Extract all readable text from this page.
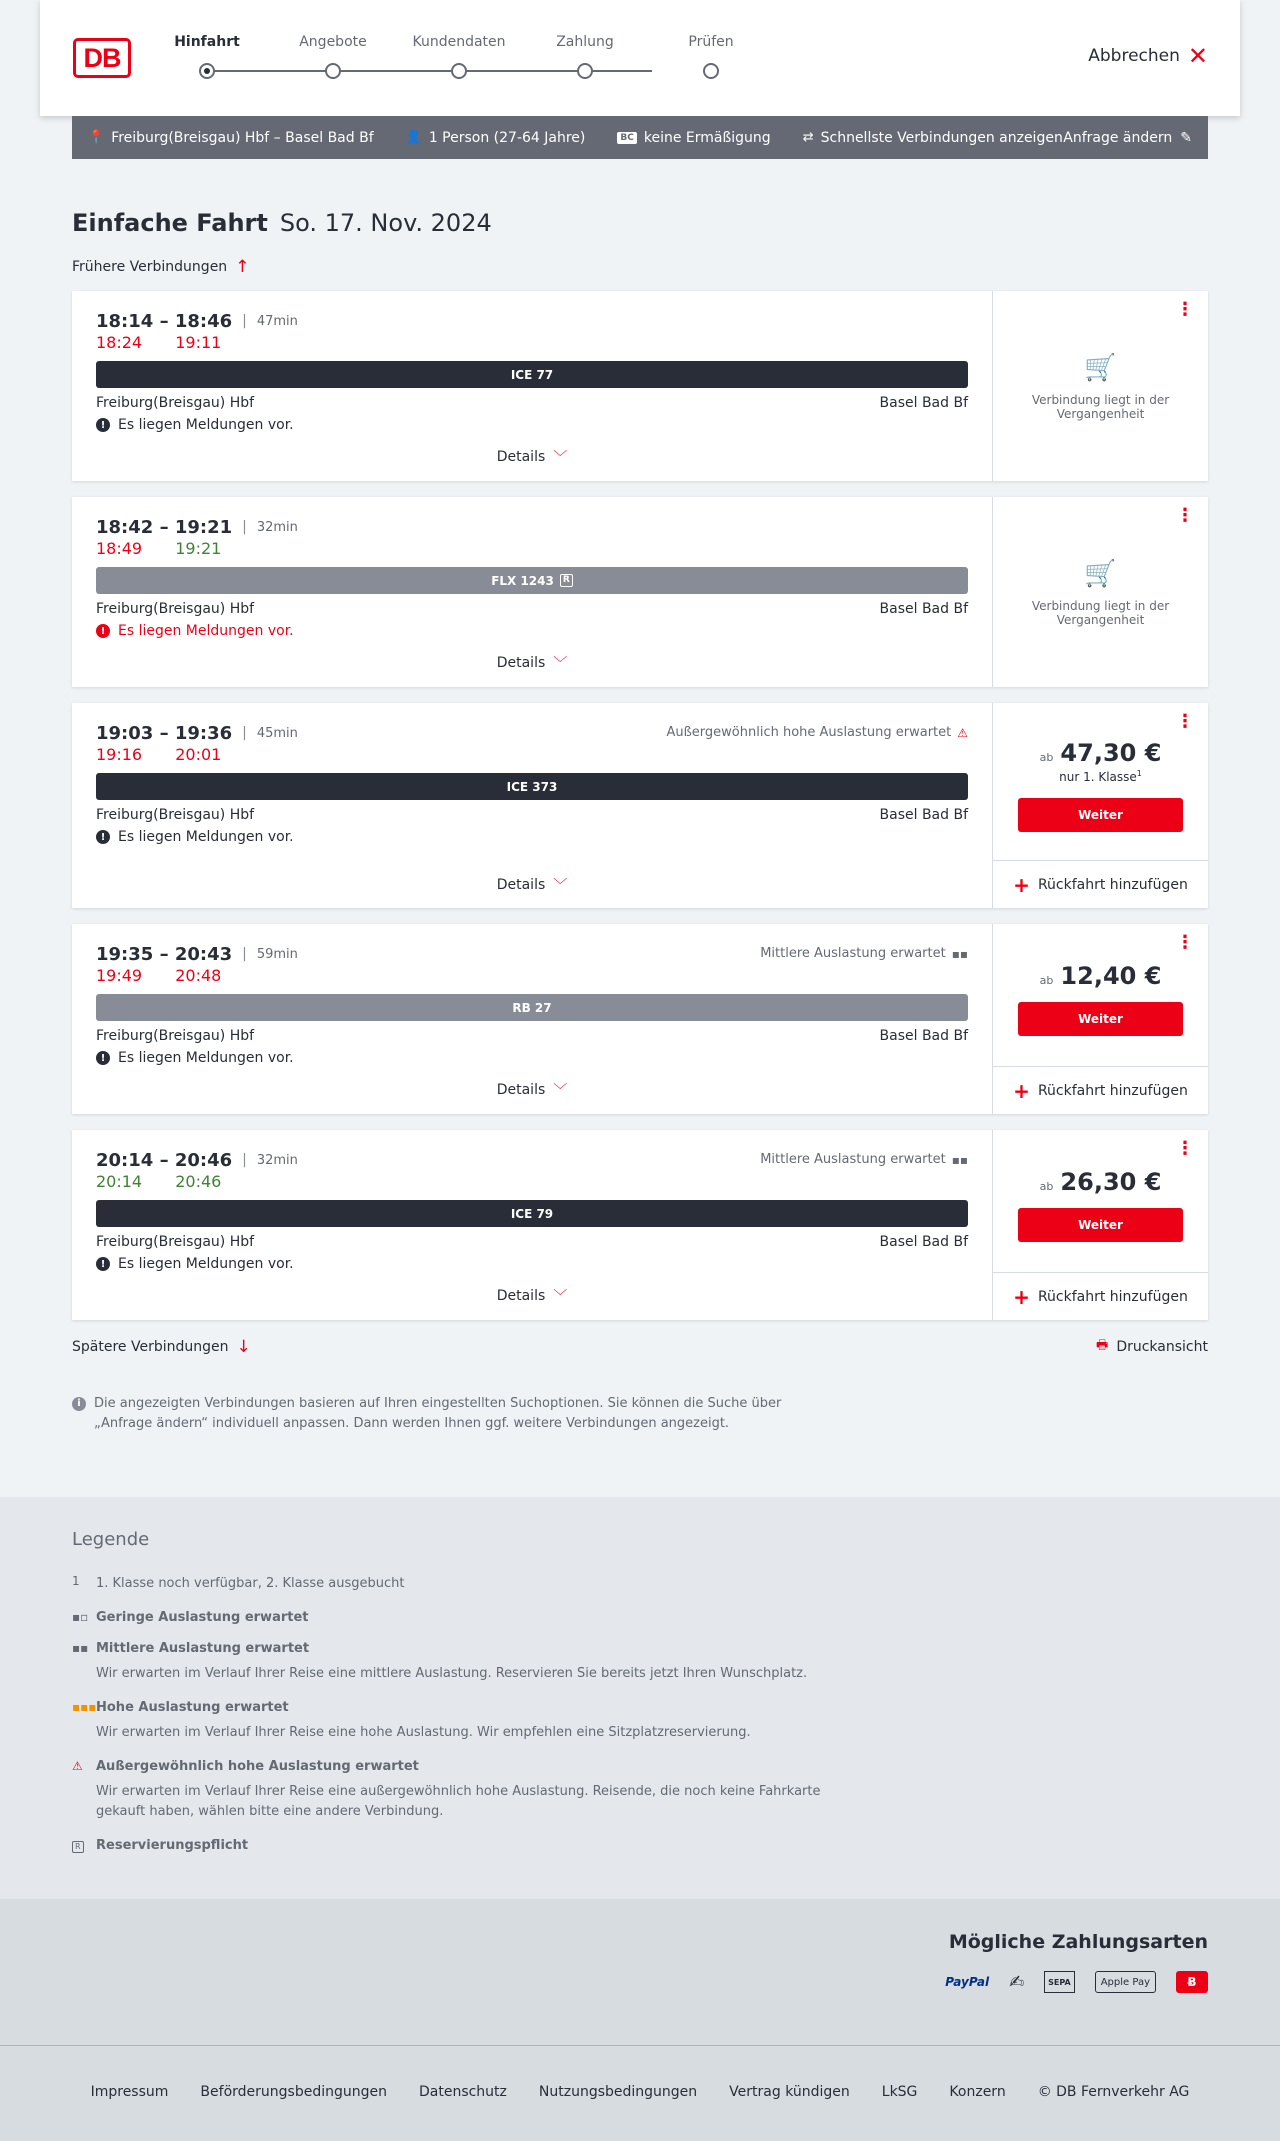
DB
Hinfahrt	Angebote	Kundendaten	Zahlung	Prüfen
Abbrechen ✕
📍 Freiburg(Breisgau) Hbf – Basel Bad Bf 👤 1 Person (27-64 Jahre)	BC keine Ermäßigung ⇄ Schnellste Verbindungen anzeigen Anfrage ändern ✎
Einfache Fahrt So. 17. Nov. 2024
Frühere Verbindungen ↑
18:14 – 18:46 | 47min
18:24 19:11
ICE 77
Freiburg(Breisgau) Hbf	Basel Bad Bf
! Es liegen Meldungen vor.
Details ﹀
⋮
🛒
Verbindung liegt in der Vergangenheit
18:42 – 19:21 | 32min
18:49 19:21
FLX 1243	R
Freiburg(Breisgau) Hbf	Basel Bad Bf
! Es liegen Meldungen vor.
Details ﹀
⋮
🛒
Verbindung liegt in der Vergangenheit
19:03 – 19:36 | 45min	Außergewöhnlich hohe Auslastung erwartet ⚠
19:16 20:01
ICE 373
Freiburg(Breisgau) Hbf	Basel Bad Bf
! Es liegen Meldungen vor.
Details ﹀
⋮
ab 47,30 €
nur 1. Klasse$^1$
Weiter
+ Rückfahrt hinzufügen
19:35 – 20:43 | 59min	Mittlere Auslastung erwartet ▪▪
19:49 20:48
RB 27
Freiburg(Breisgau) Hbf	Basel Bad Bf
! Es liegen Meldungen vor.
Details ﹀
⋮
ab 12,40 €
Weiter
+ Rückfahrt hinzufügen
20:14 – 20:46 | 32min	Mittlere Auslastung erwartet ▪▪
20:14 20:46
ICE 79
Freiburg(Breisgau) Hbf	Basel Bad Bf
! Es liegen Meldungen vor.
Details ﹀
⋮
ab 26,30 €
Weiter
+ Rückfahrt hinzufügen
Spätere Verbindungen ↓	🖶 Druckansicht
i	Die angezeigten Verbindungen basieren auf Ihren eingestellten Suchoptionen. Sie können die Suche über „Anfrage ändern“ individuell anpassen. Dann werden Ihnen ggf. weitere Verbindungen angezeigt.
Legende
1	1. Klasse noch verfügbar, 2. Klasse ausgebucht
▪▫ Geringe Auslastung erwartet
▪▪ Mittlere Auslastung erwartet
Wir erwarten im Verlauf Ihrer Reise eine mittlere Auslastung. Reservieren Sie bereits jetzt Ihren Wunschplatz.
▪▪▪ Hohe Auslastung erwartet
Wir erwarten im Verlauf Ihrer Reise eine hohe Auslastung. Wir empfehlen eine Sitzplatzreservierung.
⚠	Außergewöhnlich hohe Auslastung erwartet
Wir erwarten im Verlauf Ihrer Reise eine außergewöhnlich hohe Auslastung. Reisende, die noch keine Fahrkarte gekauft haben, wählen bitte eine andere Verbindung.
R	Reservierungspflicht
Mögliche Zahlungsarten
PayPal ✍	SEPA	Apple Pay	Ƀ
Impressum Beförderungsbedingungen Datenschutz Nutzungsbedingungen Vertrag kündigen LkSG Konzern © DB Fernverkehr AG
